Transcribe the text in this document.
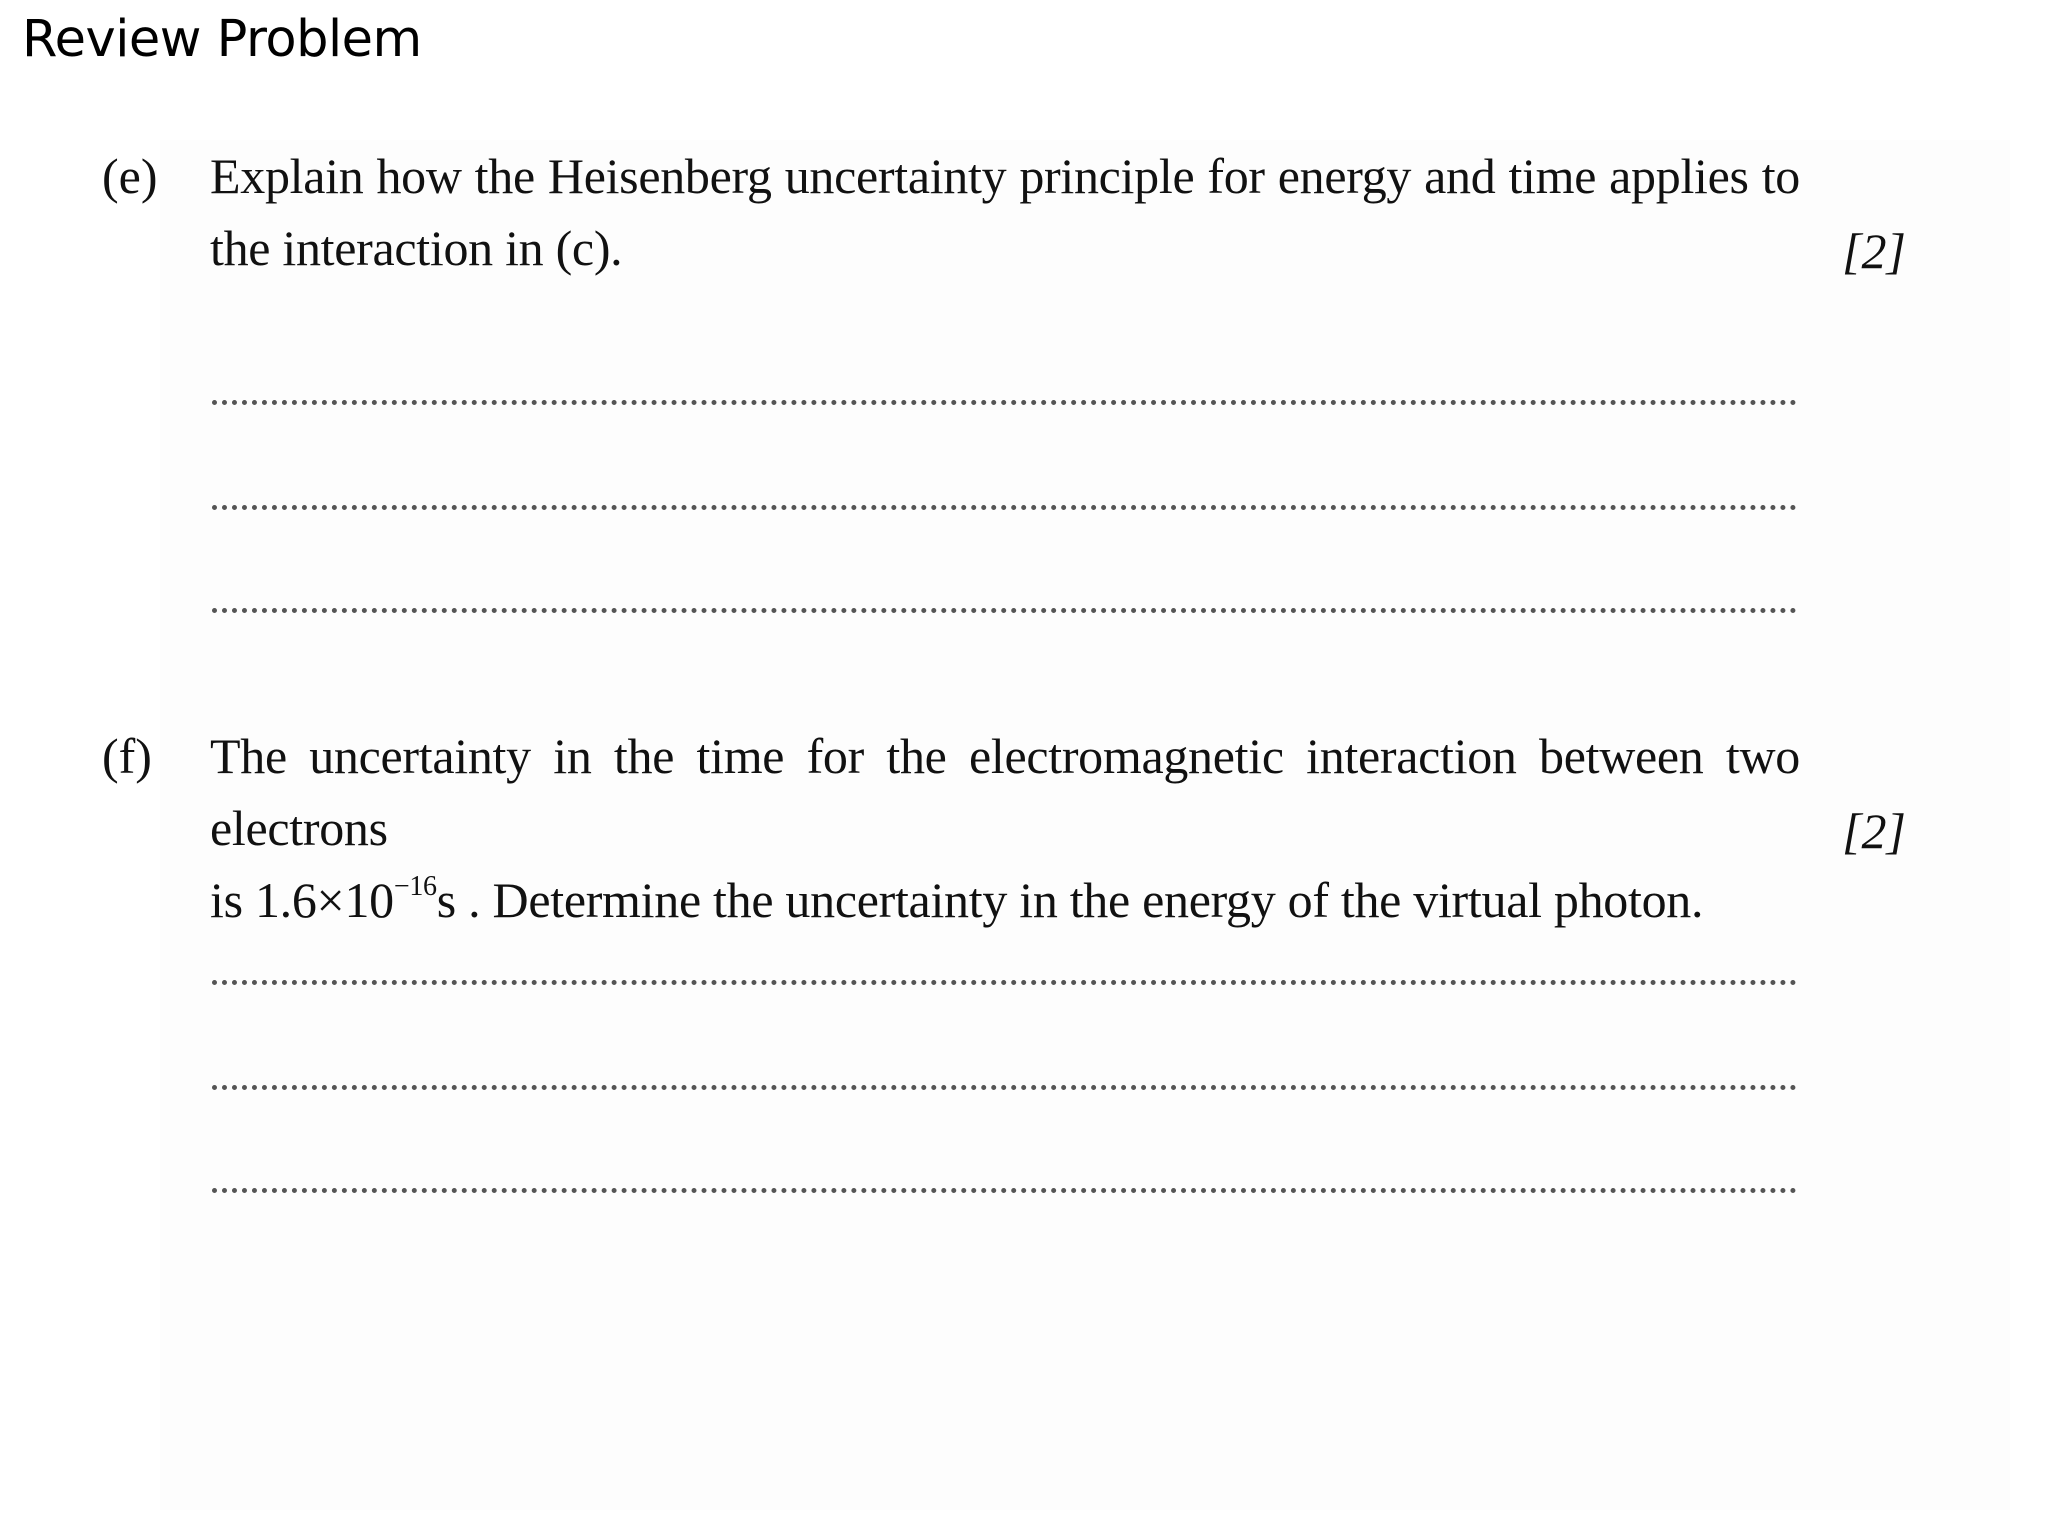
Review Problem
(e) Explain how the Heisenberg uncertainty principle for energy and time applies to the interaction in (c).	[2]
(f) The uncertainty in the time for the electromagnetic interaction between two electrons
is $1.6\times 10^{-16}s$ . Determine the uncertainty in the energy of the virtual photon.
[2]
